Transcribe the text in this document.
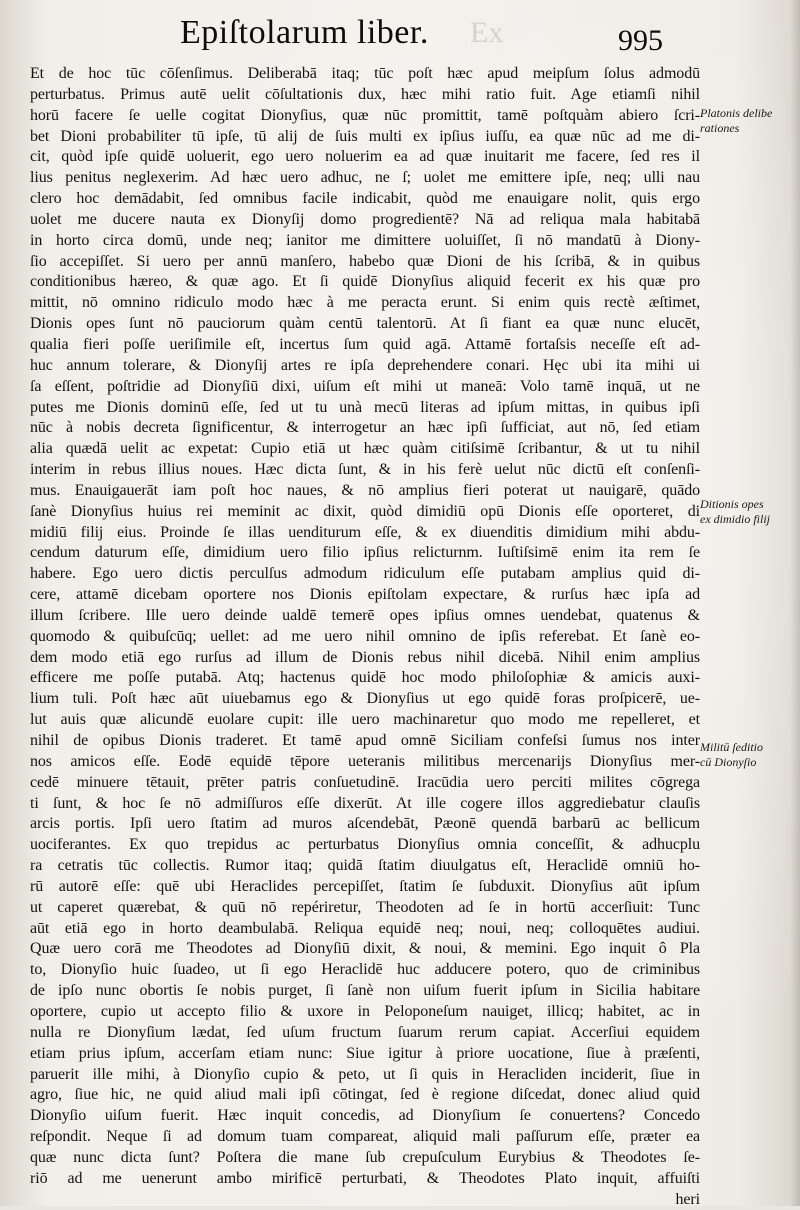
Epiſtolarum liber.	Ex	995
Et de hoc tūc cōſenſimus. Deliberabā itaq; tūc poſt hæc apud meipſum ſolus admodū
perturbatus. Primus autē uelit cōſultationis dux, hæc mihi ratio fuit. Age etiamſi nihil
horū facere ſe uelle cogitat Dionyſius, quæ nūc promittit, tamē poſtquàm abiero ſcri-
bet Dioni probabiliter tū ipſe, tū alij de ſuis multi ex ipſius iuſſu, ea quæ nūc ad me di-
cit, quòd ipſe quidē uoluerit, ego uero noluerim ea ad quæ inuitarit me facere, ſed res il
lius penitus neglexerim. Ad hæc uero adhuc, ne ſ; uolet me emittere ipſe, neq; ulli nau
clero hoc demādabit, ſed omnibus facile indicabit, quòd me enauigare nolit, quis ergo
uolet me ducere nauta ex Dionyſij domo progredientē? Nā ad reliqua mala habitabā
in horto circa domū, unde neq; ianitor me dimittere uoluiſſet, ſi nō mandatū à Diony-
ſio accepiſſet. Si uero per annū manſero, habebo quæ Dioni de his ſcribā, & in quibus
conditionibus hæreo, & quæ ago. Et ſi quidē Dionyſius aliquid fecerit ex his quæ pro
mittit, nō omnino ridiculo modo hæc à me peracta erunt. Si enim quis rectè æſtimet,
Dionis opes ſunt nō pauciorum quàm centū talentorū. At ſi fiant ea quæ nunc elucēt,
qualia fieri poſſe ueriſimile eſt, incertus ſum quid agā. Attamē fortaſsis neceſſe eſt ad-
huc annum tolerare, & Dionyſij artes re ipſa deprehendere conari. Hęc ubi ita mihi ui
ſa eſſent, poſtridie ad Dionyſiū dixi, uiſum eſt mihi ut maneā: Volo tamē inquā, ut ne
putes me Dionis dominū eſſe, ſed ut tu unà mecū literas ad ipſum mittas, in quibus ipſi
nūc à nobis decreta ſignificentur, & interrogetur an hæc ipſi ſufficiat, aut nō, ſed etiam
alia quædā uelit ac expetat: Cupio etiā ut hæc quàm citiſsimē ſcribantur, & ut tu nihil
interim in rebus illius noues. Hæc dicta ſunt, & in his ferè uelut nūc dictū eſt conſenſi-
mus. Enauigauerāt iam poſt hoc naues, & nō amplius fieri poterat ut nauigarē, quādo
ſanè Dionyſius huius rei meminit ac dixit, quòd dimidiū opū Dionis eſſe oporteret, di
midiū filij eius. Proinde ſe illas uenditurum eſſe, & ex diuenditis dimidium mihi abdu-
cendum daturum eſſe, dimidium uero filio ipſius relicturnm. Iuſtiſsimē enim ita rem ſe
habere. Ego uero dictis perculſus admodum ridiculum eſſe putabam amplius quid di-
cere, attamē dicebam oportere nos Dionis epiſtolam expectare, & rurſus hæc ipſa ad
illum ſcribere. Ille uero deinde ualdē temerē opes ipſius omnes uendebat, quatenus &
quomodo & quibuſcūq; uellet: ad me uero nihil omnino de ipſis referebat. Et ſanè eo-
dem modo etiā ego rurſus ad illum de Dionis rebus nihil dicebā. Nihil enim amplius
efficere me poſſe putabā. Atq; hactenus quidē hoc modo philoſophiæ & amicis auxi-
lium tuli. Poſt hæc aūt uiuebamus ego & Dionyſius ut ego quidē foras proſpicerē, ue-
lut auis quæ alicundē euolare cupit: ille uero machinaretur quo modo me repelleret, et
nihil de opibus Dionis traderet. Et tamē apud omnē Siciliam confeſsi ſumus nos inter
nos amicos eſſe. Eodē equidē tēpore ueteranis militibus mercenarijs Dionyſius mer-
cedē minuere tētauit, prēter patris conſuetudinē. Iracūdia uero perciti milites cōgrega
ti ſunt, & hoc ſe nō admiſſuros eſſe dixerūt. At ille cogere illos aggrediebatur clauſis
arcis portis. Ipſi uero ſtatim ad muros aſcendebāt, Pæonē quendā barbarū ac bellicum
uociferantes. Ex quo trepidus ac perturbatus Dionyſius omnia conceſſit, & adhucplu
ra cetratis tūc collectis. Rumor itaq; quidā ſtatim diuulgatus eſt, Heraclidē omniū ho-
rū autorē eſſe: quē ubi Heraclides percepiſſet, ſtatim ſe ſubduxit. Dionyſius aūt ipſum
ut caperet quærebat, & quū nō repériretur, Theodoten ad ſe in hortū accerſiuit: Tunc
aūt etiā ego in horto deambulabā. Reliqua equidē neq; noui, neq; colloquētes audiui.
Quæ uero corā me Theodotes ad Dionyſiū dixit, & noui, & memini. Ego inquit ô Pla
to, Dionyſio huic ſuadeo, ut ſi ego Heraclidē huc adducere potero, quo de criminibus
de ipſo nunc obortis ſe nobis purget, ſi ſanè non uiſum fuerit ipſum in Sicilia habitare
oportere, cupio ut accepto filio & uxore in Peloponeſum nauiget, illicq; habitet, ac in
nulla re Dionyſium lædat, ſed uſum fructum ſuarum rerum capiat. Accerſiui equidem
etiam prius ipſum, accerſam etiam nunc: Siue igitur à priore uocatione, ſiue à præſenti,
paruerit ille mihi, à Dionyſio cupio & peto, ut ſi quis in Heracliden inciderit, ſiue in
agro, ſiue hic, ne quid aliud mali ipſi cōtingat, ſed è regione diſcedat, donec aliud quid
Dionyſio uiſum fuerit. Hæc inquit concedis, ad Dionyſium ſe conuertens? Concedo
reſpondit. Neque ſi ad domum tuam compareat, aliquid mali paſſurum eſſe, præter ea
quæ nunc dicta ſunt? Poſtera die mane ſub crepuſculum Eurybius & Theodotes ſe-
riō ad me uenerunt ambo mirificē perturbati, & Theodotes Plato inquit, affuiſti
heri
Platonis delibe
rationes
Ditionis opes
ex dimidio filij
Militū ſeditio
cū Dionyſio
